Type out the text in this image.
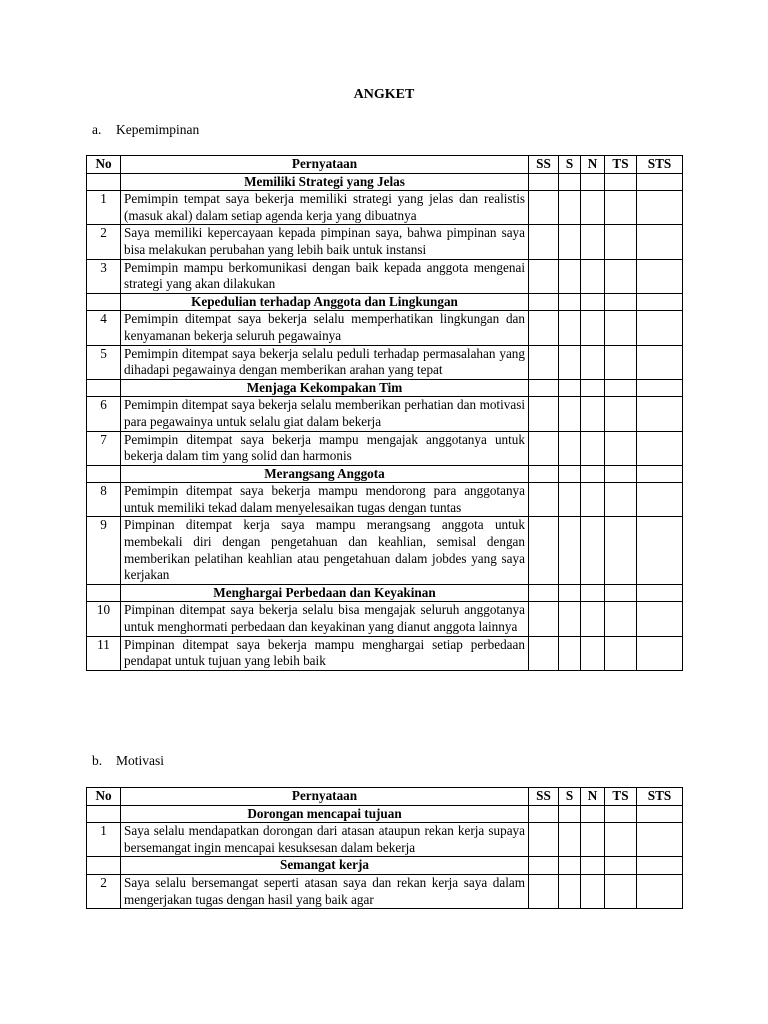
ANGKET
a. Kepemimpinan
No	Pernyataan	SS	S	N	TS	STS
	Memiliki Strategi yang Jelas					
1	Pemimpin tempat saya bekerja memiliki strategi yang jelas dan realistis (masuk akal) dalam setiap agenda kerja yang dibuatnya					
2	Saya memiliki kepercayaan kepada pimpinan saya, bahwa pimpinan saya bisa melakukan perubahan yang lebih baik untuk instansi					
3	Pemimpin mampu berkomunikasi dengan baik kepada anggota mengenai strategi yang akan dilakukan					
	Kepedulian terhadap Anggota dan Lingkungan					
4	Pemimpin ditempat saya bekerja selalu memperhatikan lingkungan dan kenyamanan bekerja seluruh pegawainya					
5	Pemimpin ditempat saya bekerja selalu peduli terhadap permasalahan yang dihadapi pegawainya dengan memberikan arahan yang tepat					
	Menjaga Kekompakan Tim					
6	Pemimpin ditempat saya bekerja selalu memberikan perhatian dan motivasi para pegawainya untuk selalu giat dalam bekerja					
7	Pemimpin ditempat saya bekerja mampu mengajak anggotanya untuk bekerja dalam tim yang solid dan harmonis					
	Merangsang Anggota					
8	Pemimpin ditempat saya bekerja mampu mendorong para anggotanya untuk memiliki tekad dalam menyelesaikan tugas dengan tuntas					
9	Pimpinan ditempat kerja saya mampu merangsang anggota untuk membekali diri dengan pengetahuan dan keahlian, semisal dengan memberikan pelatihan keahlian atau pengetahuan dalam jobdes yang saya kerjakan					
	Menghargai Perbedaan dan Keyakinan					
10	Pimpinan ditempat saya bekerja selalu bisa mengajak seluruh anggotanya untuk menghormati perbedaan dan keyakinan yang dianut anggota lainnya					
11	Pimpinan ditempat saya bekerja mampu menghargai setiap perbedaan pendapat untuk tujuan yang lebih baik					
b. Motivasi
No	Pernyataan	SS	S	N	TS	STS
	Dorongan mencapai tujuan					
1	Saya selalu mendapatkan dorongan dari atasan ataupun rekan kerja supaya bersemangat ingin mencapai kesuksesan dalam bekerja					
	Semangat kerja					
2	Saya selalu bersemangat seperti atasan saya dan rekan kerja saya dalam mengerjakan tugas dengan hasil yang baik agar					
